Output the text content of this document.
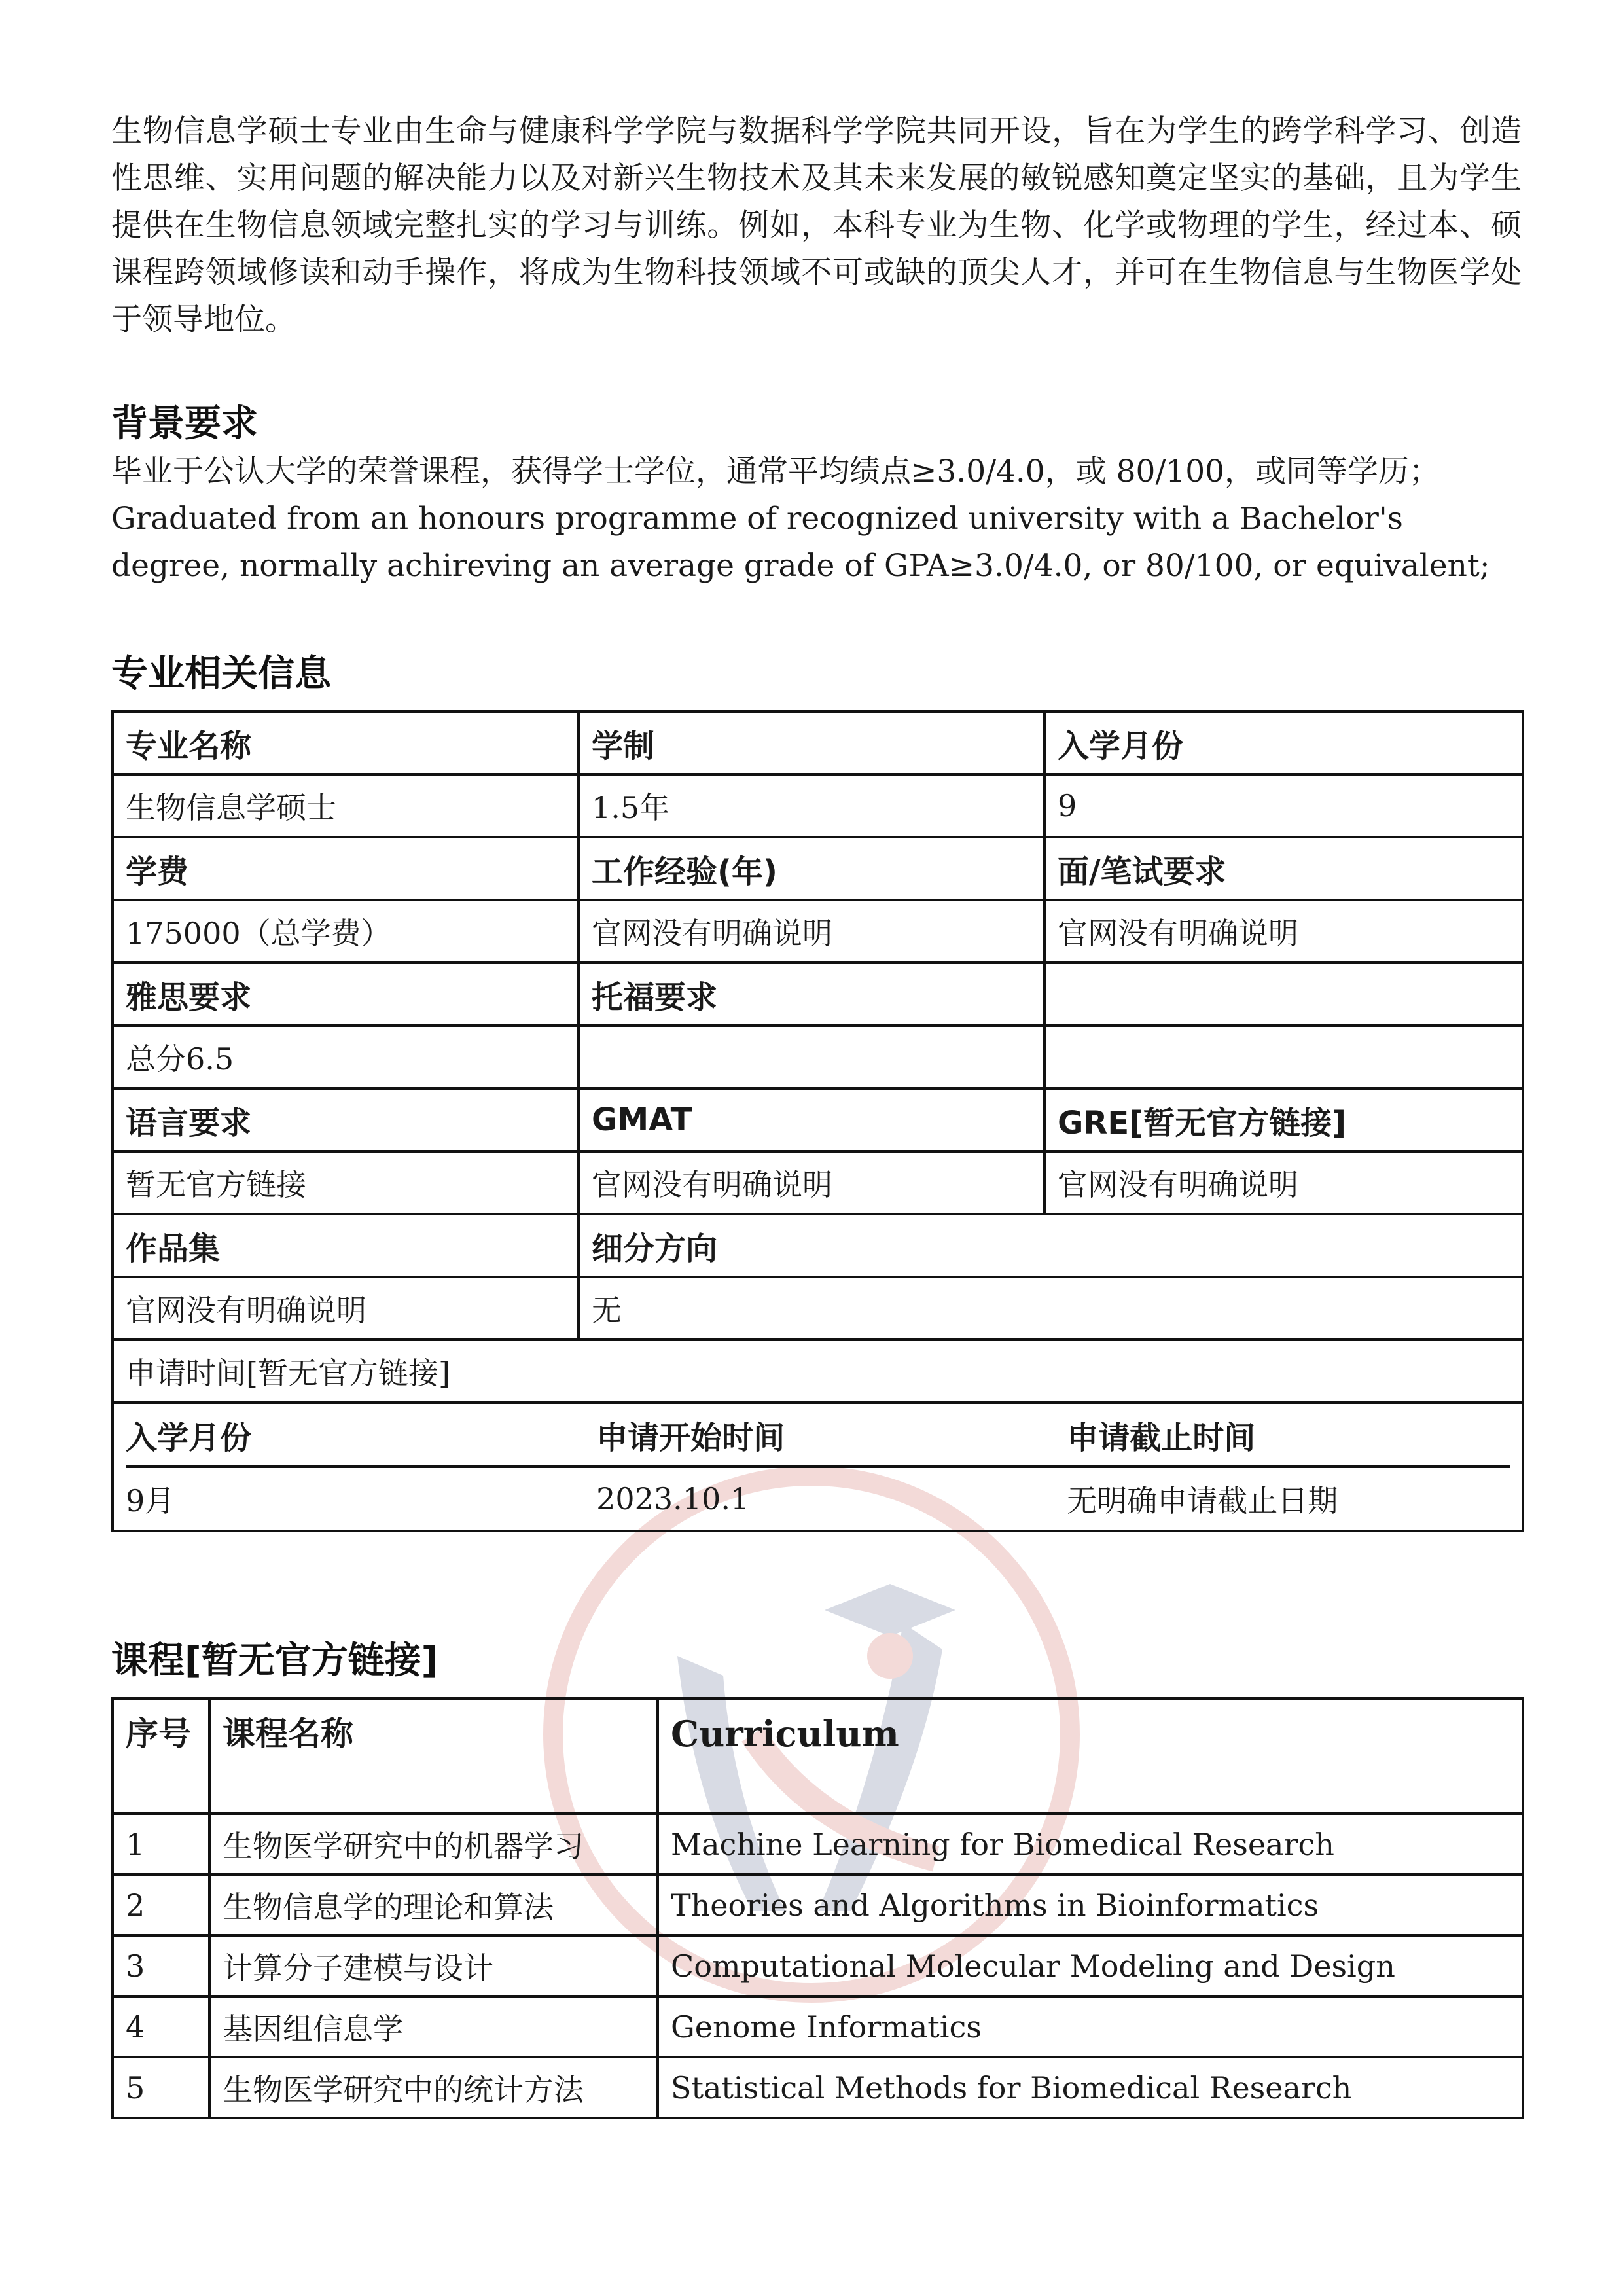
生物信息学硕士专业由生命与健康科学学院与数据科学学院共同开设，旨在为学生的跨学科学习、创造性思维、实用问题的解决能力以及对新兴生物技术及其未来发展的敏锐感知奠定坚实的基础，且为学生提供在生物信息领域完整扎实的学习与训练。例如，本科专业为生物、化学或物理的学生，经过本、硕课程跨领域修读和动手操作，将成为生物科技领域不可或缺的顶尖人才，并可在生物信息与生物医学处于领导地位。

背景要求

毕业于公认大学的荣誉课程，获得学士学位，通常平均绩点≥3.0/4.0，或 80/100，或同等学历；

Graduated from an honours programme of recognized university with a Bachelor's degree, normally achireving an average grade of GPA≥3.0/4.0, or 80/100, or equivalent;

专业相关信息
专业名称	学制	入学月份
生物信息学硕士	1.5年	9
学费	工作经验(年)	面/笔试要求
175000（总学费）	官网没有明确说明	官网没有明确说明
雅思要求	托福要求	
总分6.5		
语言要求	GMAT	GRE[暂无官方链接]
暂无官方链接	官网没有明确说明	官网没有明确说明
作品集	细分方向
官网没有明确说明	无
申请时间[暂无官方链接]

入学月份	申请开始时间	申请截止时间
9月	2023.10.1	无明确申请截止日期
课程[暂无官方链接]
序号	课程名称	Curriculum
1	生物医学研究中的机器学习	Machine Learning for Biomedical Research
2	生物信息学的理论和算法	Theories and Algorithms in Bioinformatics
3	计算分子建模与设计	Computational Molecular Modeling and Design
4	基因组信息学	Genome Informatics
5	生物医学研究中的统计方法	Statistical Methods for Biomedical Research
